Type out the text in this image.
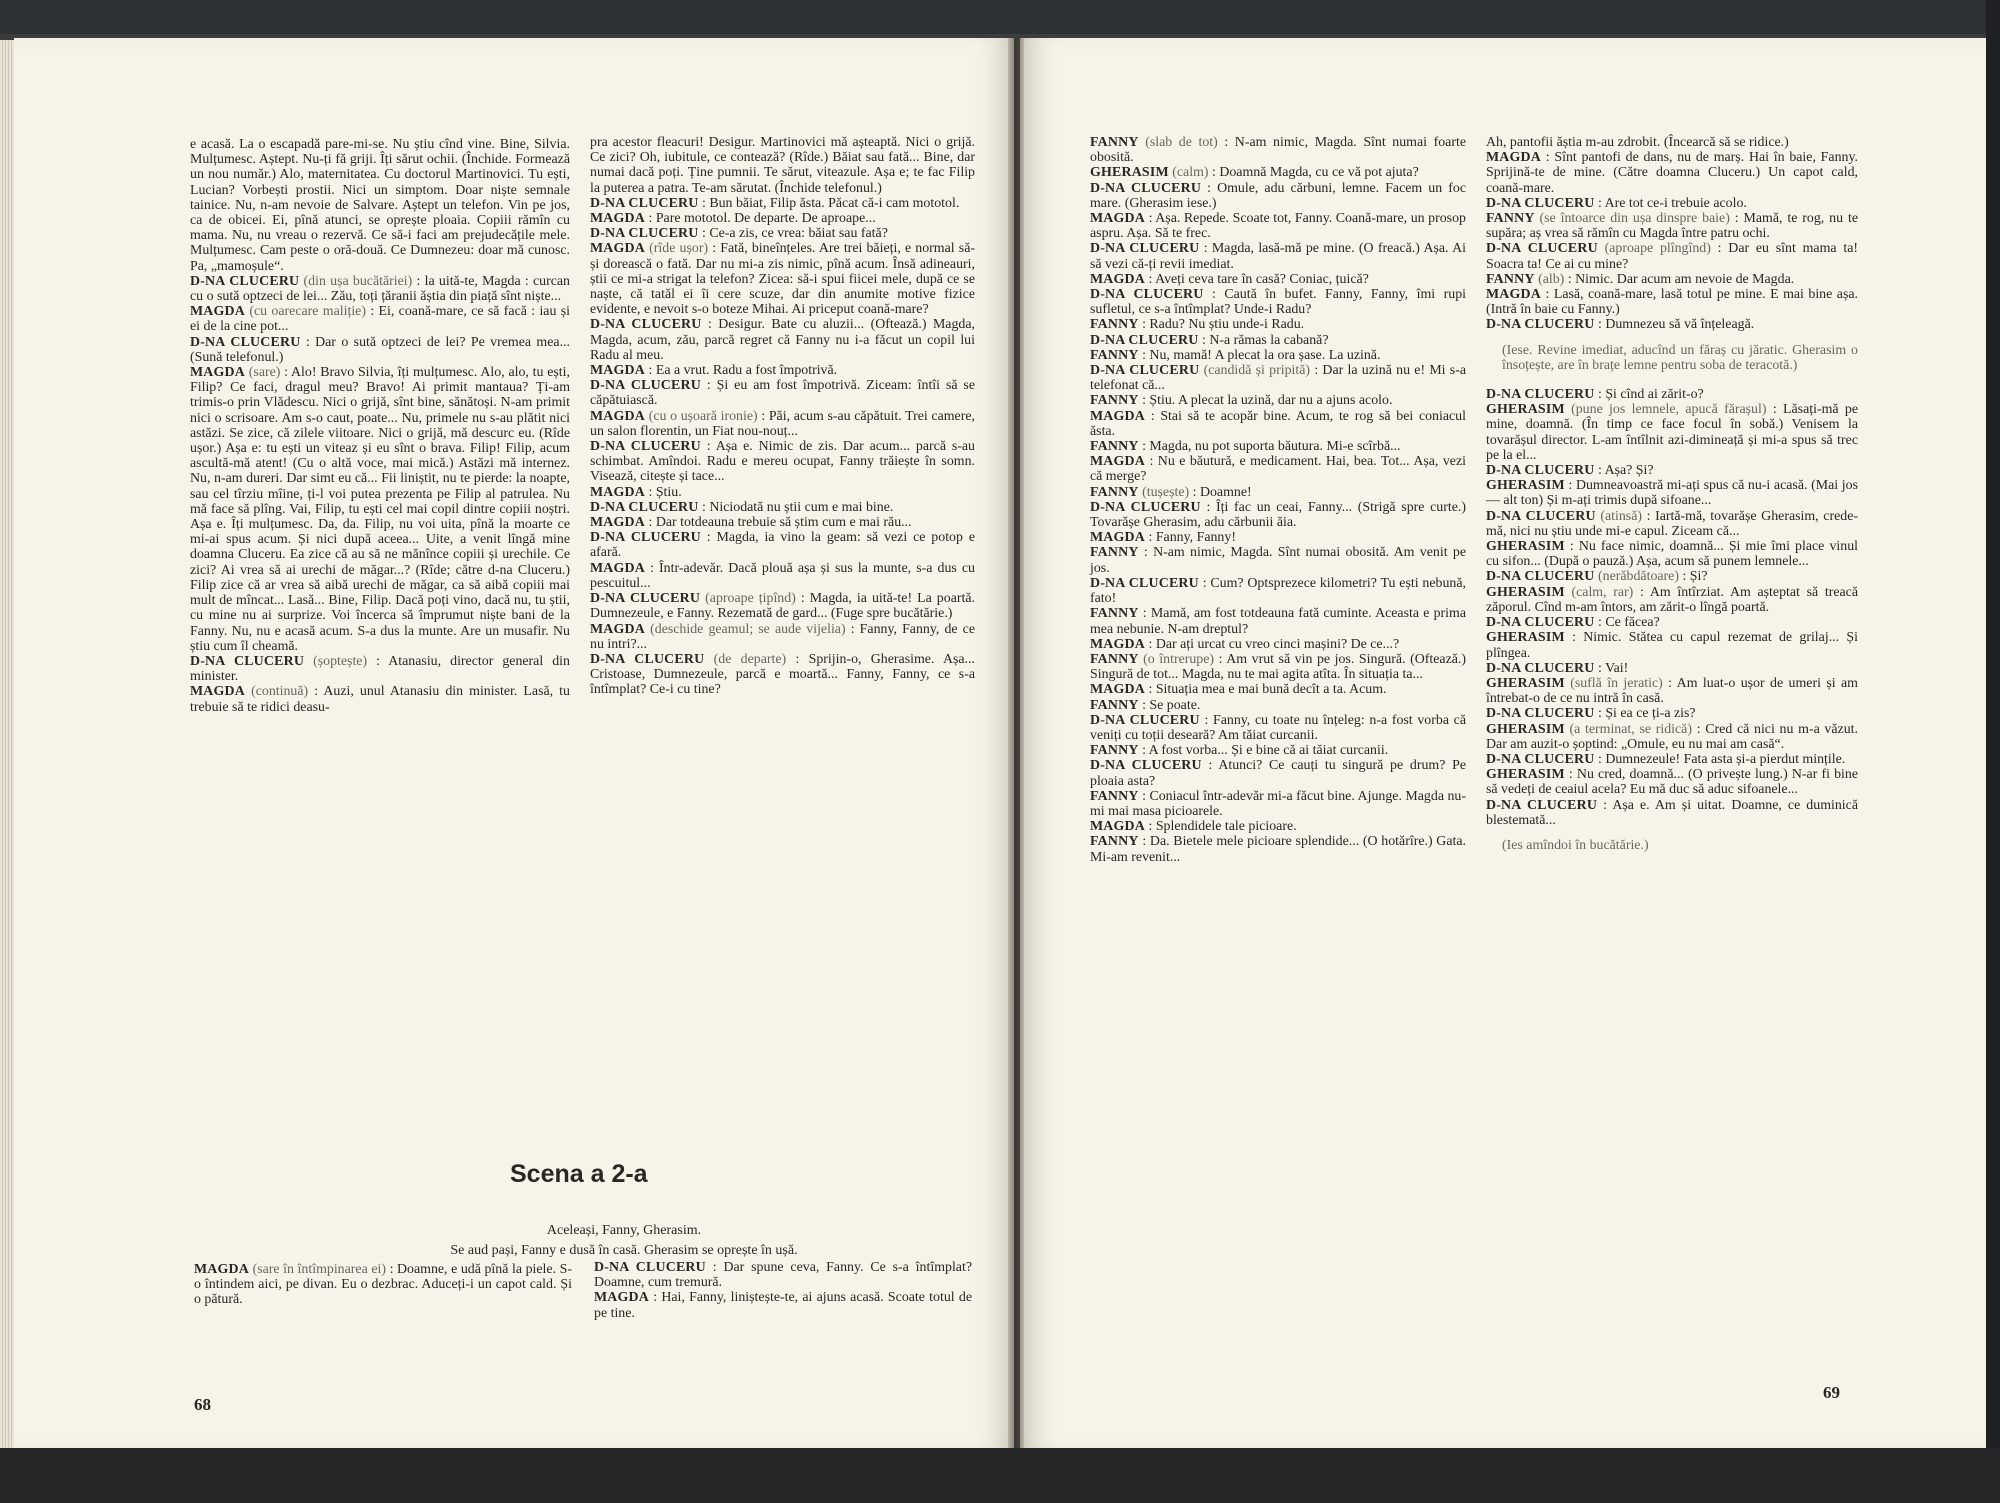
e acasă. La o escapadă pare-mi-se. Nu știu cînd vine. Bine, Silvia. Mulțumesc. Aștept. Nu-ți fă griji. Îți sărut ochii. (Închide. Formează un nou număr.) Alo, maternitatea. Cu doctorul Martinovici. Tu ești, Lucian? Vorbești prostii. Nici un simptom. Doar niște semnale tainice. Nu, n-am nevoie de Salvare. Aștept un telefon. Vin pe jos, ca de obicei. Ei, pînă atunci, se oprește ploaia. Copiii rămîn cu mama. Nu, nu vreau o rezervă. Ce să-i faci am prejudecățile mele. Mulțumesc. Cam peste o oră-două. Ce Dumnezeu: doar mă cunosc. Pa, „mamoșule“.

D-NA CLUCERU (din ușa bucătăriei) : la uită-te, Magda : curcan cu o sută optzeci de lei... Zău, toți țăranii ăștia din piață sînt niște...

MAGDA (cu oarecare maliție) : Ei, coană-mare, ce să facă : iau și ei de la cine pot...

D-NA CLUCERU : Dar o sută optzeci de lei? Pe vremea mea... (Sună telefonul.)

MAGDA (sare) : Alo! Bravo Silvia, îți mulțumesc. Alo, alo, tu ești, Filip? Ce faci, dragul meu? Bravo! Ai primit mantaua? Ți-am trimis-o prin Vlădescu. Nici o grijă, sînt bine, sănătoși. N-am primit nici o scrisoare. Am s-o caut, poate... Nu, primele nu s-au plătit nici astăzi. Se zice, că zilele viitoare. Nici o grijă, mă descurc eu. (Rîde ușor.) Așa e: tu ești un viteaz și eu sînt o brava. Filip! Filip, acum ascultă-mă atent! (Cu o altă voce, mai mică.) Astăzi mă internez. Nu, n-am dureri. Dar simt eu că... Fii liniștit, nu te pierde: la noapte, sau cel tîrziu mîine, ți-l voi putea prezenta pe Filip al patrulea. Nu mă face să plîng. Vai, Filip, tu ești cel mai copil dintre copiii noștri. Așa e. Îți mulțumesc. Da, da. Filip, nu voi uita, pînă la moarte ce mi-ai spus acum. Și nici după aceea... Uite, a venit lîngă mine doamna Cluceru. Ea zice că au să ne mănînce copiii și urechile. Ce zici? Ai vrea să ai urechi de măgar...? (Rîde; către d-na Cluceru.) Filip zice că ar vrea să aibă urechi de măgar, ca să aibă copiii mai mult de mîncat... Lasă... Bine, Filip. Dacă poți vino, dacă nu, tu știi, cu mine nu ai surprize. Voi încerca să împrumut niște bani de la Fanny. Nu, nu e acasă acum. S-a dus la munte. Are un musafir. Nu știu cum îl cheamă.

D-NA CLUCERU (șoptește) : Atanasiu, director general din minister.

MAGDA (continuă) : Auzi, unul Atanasiu din minister. Lasă, tu trebuie să te ridici deasu-

pra acestor fleacuri! Desigur. Martinovici mă așteaptă. Nici o grijă. Ce zici? Oh, iubitule, ce contează? (Rîde.) Băiat sau fată... Bine, dar numai dacă poți. Ține pumnii. Te sărut, viteazule. Așa e; te fac Filip la puterea a patra. Te-am sărutat. (Închide telefonul.)

D-NA CLUCERU : Bun băiat, Filip ăsta. Păcat că-i cam mototol.

MAGDA : Pare mototol. De departe. De aproape...

D-NA CLUCERU : Ce-a zis, ce vrea: băiat sau fată?

MAGDA (rîde ușor) : Fată, bineînțeles. Are trei băieți, e normal să-și dorească o fată. Dar nu mi-a zis nimic, pînă acum. Însă adineauri, știi ce mi-a strigat la telefon? Zicea: să-i spui fiicei mele, după ce se naște, că tatăl ei îi cere scuze, dar din anumite motive fizice evidente, e nevoit s-o boteze Mihai. Ai priceput coană-mare?

D-NA CLUCERU : Desigur. Bate cu aluzii... (Oftează.) Magda, Magda, acum, zău, parcă regret că Fanny nu i-a făcut un copil lui Radu al meu.

MAGDA : Ea a vrut. Radu a fost împotrivă.

D-NA CLUCERU : Și eu am fost împotrivă. Ziceam: întîi să se căpătuiască.

MAGDA (cu o ușoară ironie) : Păi, acum s-au căpătuit. Trei camere, un salon florentin, un Fiat nou-nouț...

D-NA CLUCERU : Așa e. Nimic de zis. Dar acum... parcă s-au schimbat. Amîndoi. Radu e mereu ocupat, Fanny trăiește în somn. Visează, citește și tace...

MAGDA : Știu.

D-NA CLUCERU : Niciodată nu știi cum e mai bine.

MAGDA : Dar totdeauna trebuie să știm cum e mai rău...

D-NA CLUCERU : Magda, ia vino la geam: să vezi ce potop e afară.

MAGDA : Într-adevăr. Dacă plouă așa și sus la munte, s-a dus cu pescuitul...

D-NA CLUCERU (aproape țipînd) : Magda, ia uită-te! La poartă. Dumnezeule, e Fanny. Rezemată de gard... (Fuge spre bucătărie.)

MAGDA (deschide geamul; se aude vijelia) : Fanny, Fanny, de ce nu intri?...

D-NA CLUCERU (de departe) : Sprijin-o, Gherasime. Așa... Cristoase, Dumnezeule, parcă e moartă... Fanny, Fanny, ce s-a întîmplat? Ce-i cu tine?

Scena a 2-a
Aceleași, Fanny, Gherasim.
Se aud pași, Fanny e dusă în casă. Gherasim se oprește în ușă.

MAGDA (sare în întîmpinarea ei) : Doamne, e udă pînă la piele. S-o întindem aici, pe divan. Eu o dezbrac. Aduceți-i un capot cald. Și o pătură.

D-NA CLUCERU : Dar spune ceva, Fanny. Ce s-a întîmplat? Doamne, cum tremură.

MAGDA : Hai, Fanny, liniștește-te, ai ajuns acasă. Scoate totul de pe tine.

68

FANNY (slab de tot) : N-am nimic, Magda. Sînt numai foarte obosită.

GHERASIM (calm) : Doamnă Magda, cu ce vă pot ajuta?

D-NA CLUCERU : Omule, adu cărbuni, lemne. Facem un foc mare. (Gherasim iese.)

MAGDA : Așa. Repede. Scoate tot, Fanny. Coană-mare, un prosop aspru. Așa. Să te frec.

D-NA CLUCERU : Magda, lasă-mă pe mine. (O freacă.) Așa. Ai să vezi că-ți revii imediat.

MAGDA : Aveți ceva tare în casă? Coniac, țuică?

D-NA CLUCERU : Caută în bufet. Fanny, Fanny, îmi rupi sufletul, ce s-a întîmplat? Unde-i Radu?

FANNY : Radu? Nu știu unde-i Radu.

D-NA CLUCERU : N-a rămas la cabană?

FANNY : Nu, mamă! A plecat la ora șase. La uzină.

D-NA CLUCERU (candidă și pripită) : Dar la uzină nu e! Mi s-a telefonat că...

FANNY : Știu. A plecat la uzină, dar nu a ajuns acolo.

MAGDA : Stai să te acopăr bine. Acum, te rog să bei coniacul ăsta.

FANNY : Magda, nu pot suporta băutura. Mi-e scîrbă...

MAGDA : Nu e băutură, e medicament. Hai, bea. Tot... Așa, vezi că merge?

FANNY (tușește) : Doamne!

D-NA CLUCERU : Îți fac un ceai, Fanny... (Strigă spre curte.) Tovarășe Gherasim, adu cărbunii ăia.

MAGDA : Fanny, Fanny!

FANNY : N-am nimic, Magda. Sînt numai obosită. Am venit pe jos.

D-NA CLUCERU : Cum? Optsprezece kilometri? Tu ești nebună, fato!

FANNY : Mamă, am fost totdeauna fată cuminte. Aceasta e prima mea nebunie. N-am dreptul?

MAGDA : Dar ați urcat cu vreo cinci mașini? De ce...?

FANNY (o întrerupe) : Am vrut să vin pe jos. Singură. (Oftează.) Singură de tot... Magda, nu te mai agita atîta. În situația ta...

MAGDA : Situația mea e mai bună decît a ta. Acum.

FANNY : Se poate.

D-NA CLUCERU : Fanny, cu toate nu înțeleg: n-a fost vorba că veniți cu toții deseară? Am tăiat curcanii.

FANNY : A fost vorba... Și e bine că ai tăiat curcanii.

D-NA CLUCERU : Atunci? Ce cauți tu singură pe drum? Pe ploaia asta?

FANNY : Coniacul într-adevăr mi-a făcut bine. Ajunge. Magda nu-mi mai masa picioarele.

MAGDA : Splendidele tale picioare.

FANNY : Da. Bietele mele picioare splendide... (O hotărîre.) Gata. Mi-am revenit...

Ah, pantofii ăștia m-au zdrobit. (Încearcă să se ridice.)

MAGDA : Sînt pantofi de dans, nu de marș. Hai în baie, Fanny. Sprijină-te de mine. (Către doamna Cluceru.) Un capot cald, coană-mare.

D-NA CLUCERU : Are tot ce-i trebuie acolo.

FANNY (se întoarce din ușa dinspre baie) : Mamă, te rog, nu te supăra; aș vrea să rămîn cu Magda între patru ochi.

D-NA CLUCERU (aproape plîngînd) : Dar eu sînt mama ta! Soacra ta! Ce ai cu mine?

FANNY (alb) : Nimic. Dar acum am nevoie de Magda.

MAGDA : Lasă, coană-mare, lasă totul pe mine. E mai bine așa. (Intră în baie cu Fanny.)

D-NA CLUCERU : Dumnezeu să vă înțeleagă.

(Iese. Revine imediat, aducînd un făraș cu jăratic. Gherasim o însoțește, are în brațe lemne pentru soba de teracotă.)

D-NA CLUCERU : Și cînd ai zărit-o?

GHERASIM (pune jos lemnele, apucă fărașul) : Lăsați-mă pe mine, doamnă. (În timp ce face focul în sobă.) Venisem la tovarășul director. L-am întîlnit azi-dimineață și mi-a spus să trec pe la el...

D-NA CLUCERU : Așa? Și?

GHERASIM : Dumneavoastră mi-ați spus că nu-i acasă. (Mai jos — alt ton) Și m-ați trimis după sifoane...

D-NA CLUCERU (atinsă) : Iartă-mă, tovarășe Gherasim, crede-mă, nici nu știu unde mi-e capul. Ziceam că...

GHERASIM : Nu face nimic, doamnă... Și mie îmi place vinul cu sifon... (După o pauză.) Așa, acum să punem lemnele...

D-NA CLUCERU (nerăbdătoare) : Și?

GHERASIM (calm, rar) : Am întîrziat. Am așteptat să treacă zăporul. Cînd m-am întors, am zărit-o lîngă poartă.

D-NA CLUCERU : Ce făcea?

GHERASIM : Nimic. Stătea cu capul rezemat de grilaj... Și plîngea.

D-NA CLUCERU : Vai!

GHERASIM (suflă în jeratic) : Am luat-o ușor de umeri și am întrebat-o de ce nu intră în casă.

D-NA CLUCERU : Și ea ce ți-a zis?

GHERASIM (a terminat, se ridică) : Cred că nici nu m-a văzut. Dar am auzit-o șoptind: „Omule, eu nu mai am casă“.

D-NA CLUCERU : Dumnezeule! Fata asta și-a pierdut mințile.

GHERASIM : Nu cred, doamnă... (O privește lung.) N-ar fi bine să vedeți de ceaiul acela? Eu mă duc să aduc sifoanele...

D-NA CLUCERU : Așa e. Am și uitat. Doamne, ce duminică blestemată...

(Ies amîndoi în bucătărie.)

69
